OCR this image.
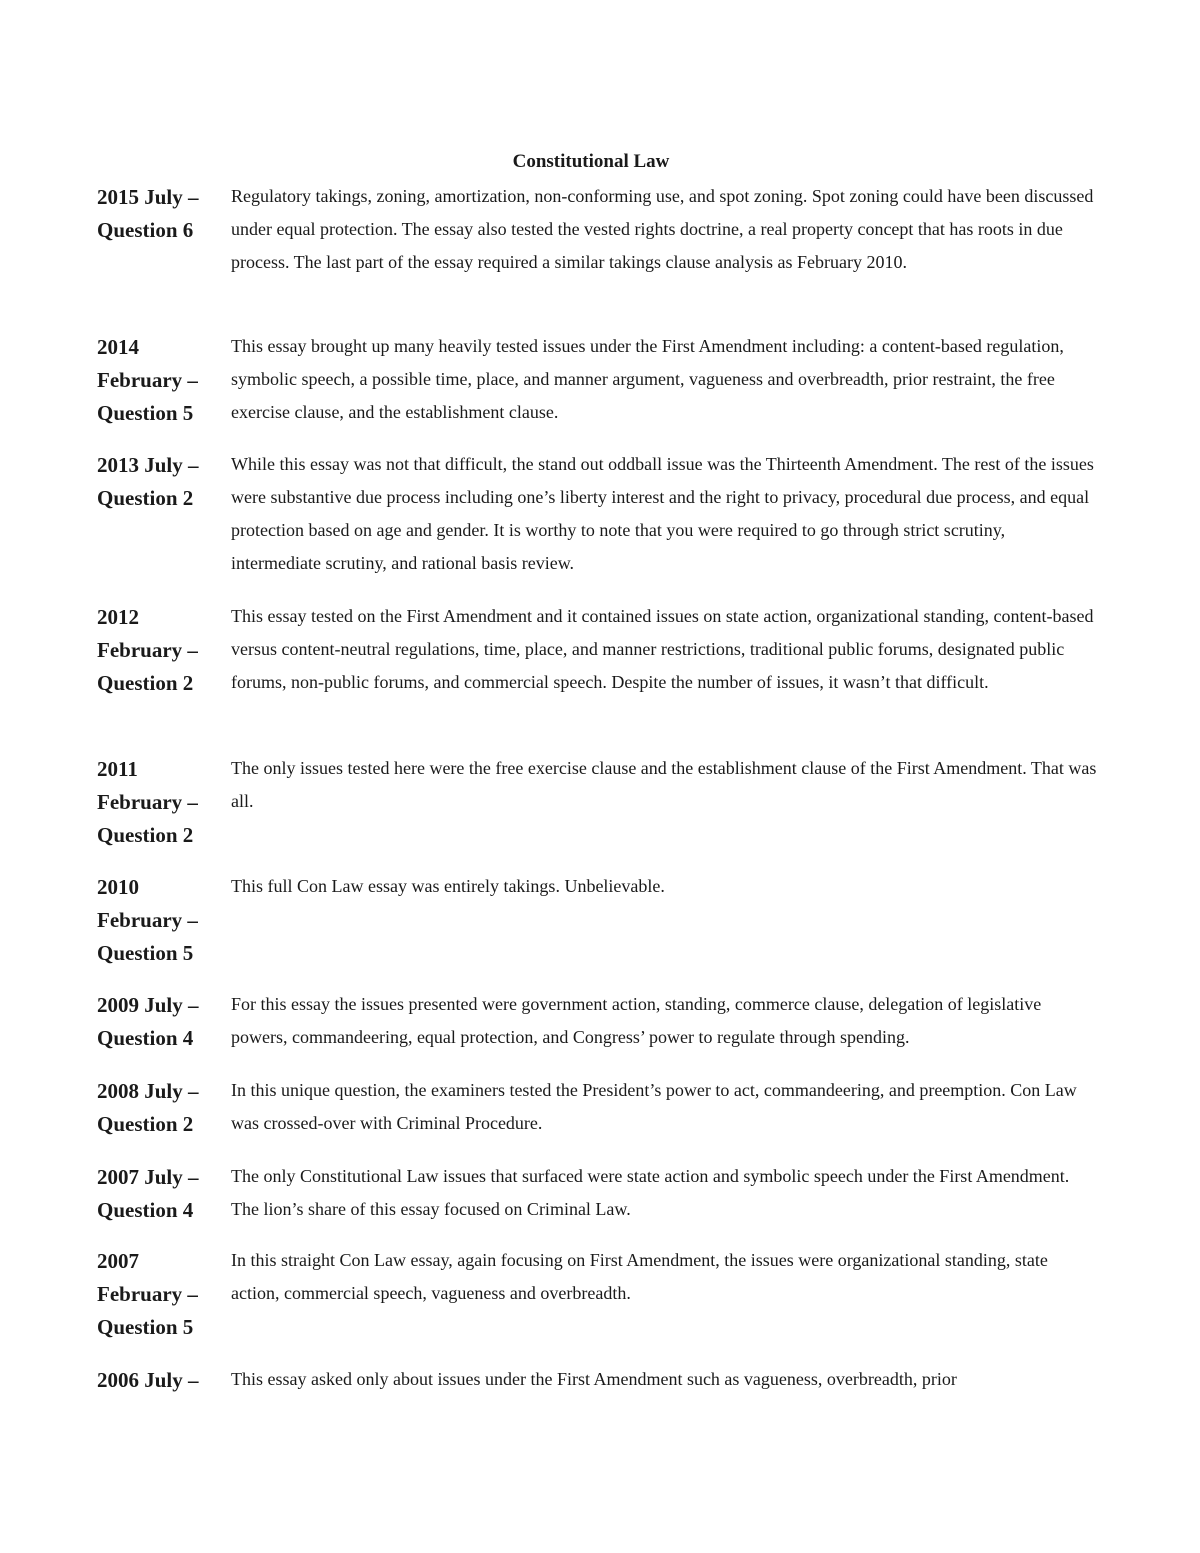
Constitutional Law
2015 July –
Question 6
Regulatory takings, zoning, amortization, non-conforming use, and spot zoning. Spot zoning could have been discussed under equal protection. The essay also tested the vested rights doctrine, a real property concept that has roots in due process. The last part of the essay required a similar takings clause analysis as February 2010.
2014
February –
Question 5
This essay brought up many heavily tested issues under the First Amendment including: a content-based regulation, symbolic speech, a possible time, place, and manner argument, vagueness and overbreadth, prior restraint, the free exercise clause, and the establishment clause.
2013 July –
Question 2
While this essay was not that difficult, the stand out oddball issue was the Thirteenth Amendment. The rest of the issues were substantive due process including one’s liberty interest and the right to privacy, procedural due process, and equal protection based on age and gender. It is worthy to note that you were required to go through strict scrutiny, intermediate scrutiny, and rational basis review.
2012
February –
Question 2
This essay tested on the First Amendment and it contained issues on state action, organizational standing, content-based versus content-neutral regulations, time, place, and manner restrictions, traditional public forums, designated public forums, non-public forums, and commercial speech. Despite the number of issues, it wasn’t that difficult.
2011
February –
Question 2
The only issues tested here were the free exercise clause and the establishment clause of the First Amendment. That was all.
2010
February –
Question 5
This full Con Law essay was entirely takings. Unbelievable.
2009 July –
Question 4
For this essay the issues presented were government action, standing, commerce clause, delegation of legislative powers, commandeering, equal protection, and Congress’ power to regulate through spending.
2008 July –
Question 2
In this unique question, the examiners tested the President’s power to act, commandeering, and preemption. Con Law was crossed-over with Criminal Procedure.
2007 July –
Question 4
The only Constitutional Law issues that surfaced were state action and symbolic speech under the First Amendment. The lion’s share of this essay focused on Criminal Law.
2007
February –
Question 5
In this straight Con Law essay, again focusing on First Amendment, the issues were organizational standing, state action, commercial speech, vagueness and overbreadth.
2006 July –	This essay asked only about issues under the First Amendment such as vagueness, overbreadth, prior
